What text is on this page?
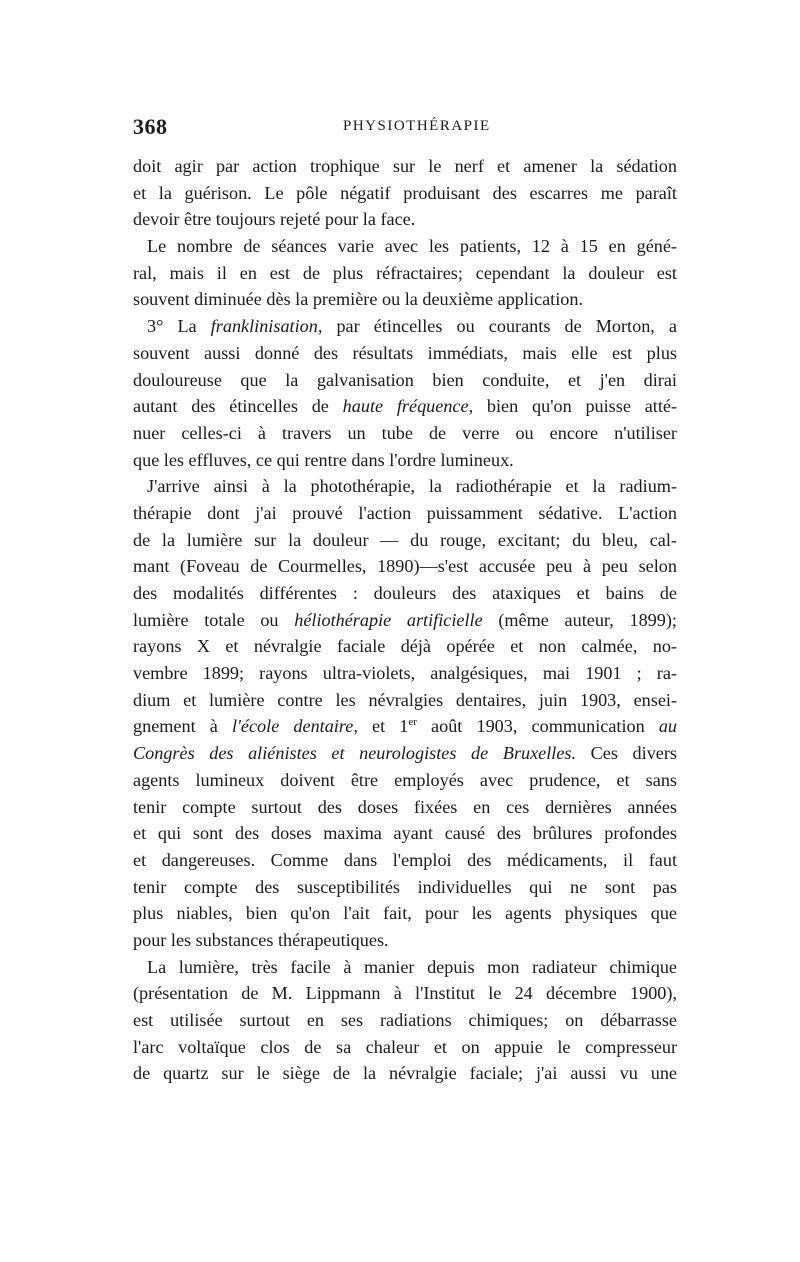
368	PHYSIOTHÉRAPIE
doit agir par action trophique sur le nerf et amener la sédation
et la guérison. Le pôle négatif produisant des escarres me paraît
devoir être toujours rejeté pour la face.
Le nombre de séances varie avec les patients, 12 à 15 en géné-
ral, mais il en est de plus réfractaires; cependant la douleur est
souvent diminuée dès la première ou la deuxième application.
3° La franklinisation, par étincelles ou courants de Morton, a
souvent aussi donné des résultats immédiats, mais elle est plus
douloureuse que la galvanisation bien conduite, et j'en dirai
autant des étincelles de haute fréquence, bien qu'on puisse atté-
nuer celles-ci à travers un tube de verre ou encore n'utiliser
que les effluves, ce qui rentre dans l'ordre lumineux.
J'arrive ainsi à la photothérapie, la radiothérapie et la radium-
thérapie dont j'ai prouvé l'action puissamment sédative. L'action
de la lumière sur la douleur — du rouge, excitant; du bleu, cal-
mant (Foveau de Courmelles, 1890)—s'est accusée peu à peu selon
des modalités différentes : douleurs des ataxiques et bains de
lumière totale ou héliothérapie artificielle (même auteur, 1899);
rayons X et névralgie faciale déjà opérée et non calmée, no-
vembre 1899; rayons ultra-violets, analgésiques, mai 1901 ; ra-
dium et lumière contre les névralgies dentaires, juin 1903, ensei-
gnement à l'école dentaire, et 1er août 1903, communication au
Congrès des aliénistes et neurologistes de Bruxelles. Ces divers
agents lumineux doivent être employés avec prudence, et sans
tenir compte surtout des doses fixées en ces dernières années
et qui sont des doses maxima ayant causé des brûlures profondes
et dangereuses. Comme dans l'emploi des médicaments, il faut
tenir compte des susceptibilités individuelles qui ne sont pas
plus niables, bien qu'on l'ait fait, pour les agents physiques que
pour les substances thérapeutiques.
La lumière, très facile à manier depuis mon radiateur chimique
(présentation de M. Lippmann à l'Institut le 24 décembre 1900),
est utilisée surtout en ses radiations chimiques; on débarrasse
l'arc voltaïque clos de sa chaleur et on appuie le compresseur
de quartz sur le siège de la névralgie faciale; j'ai aussi vu une
